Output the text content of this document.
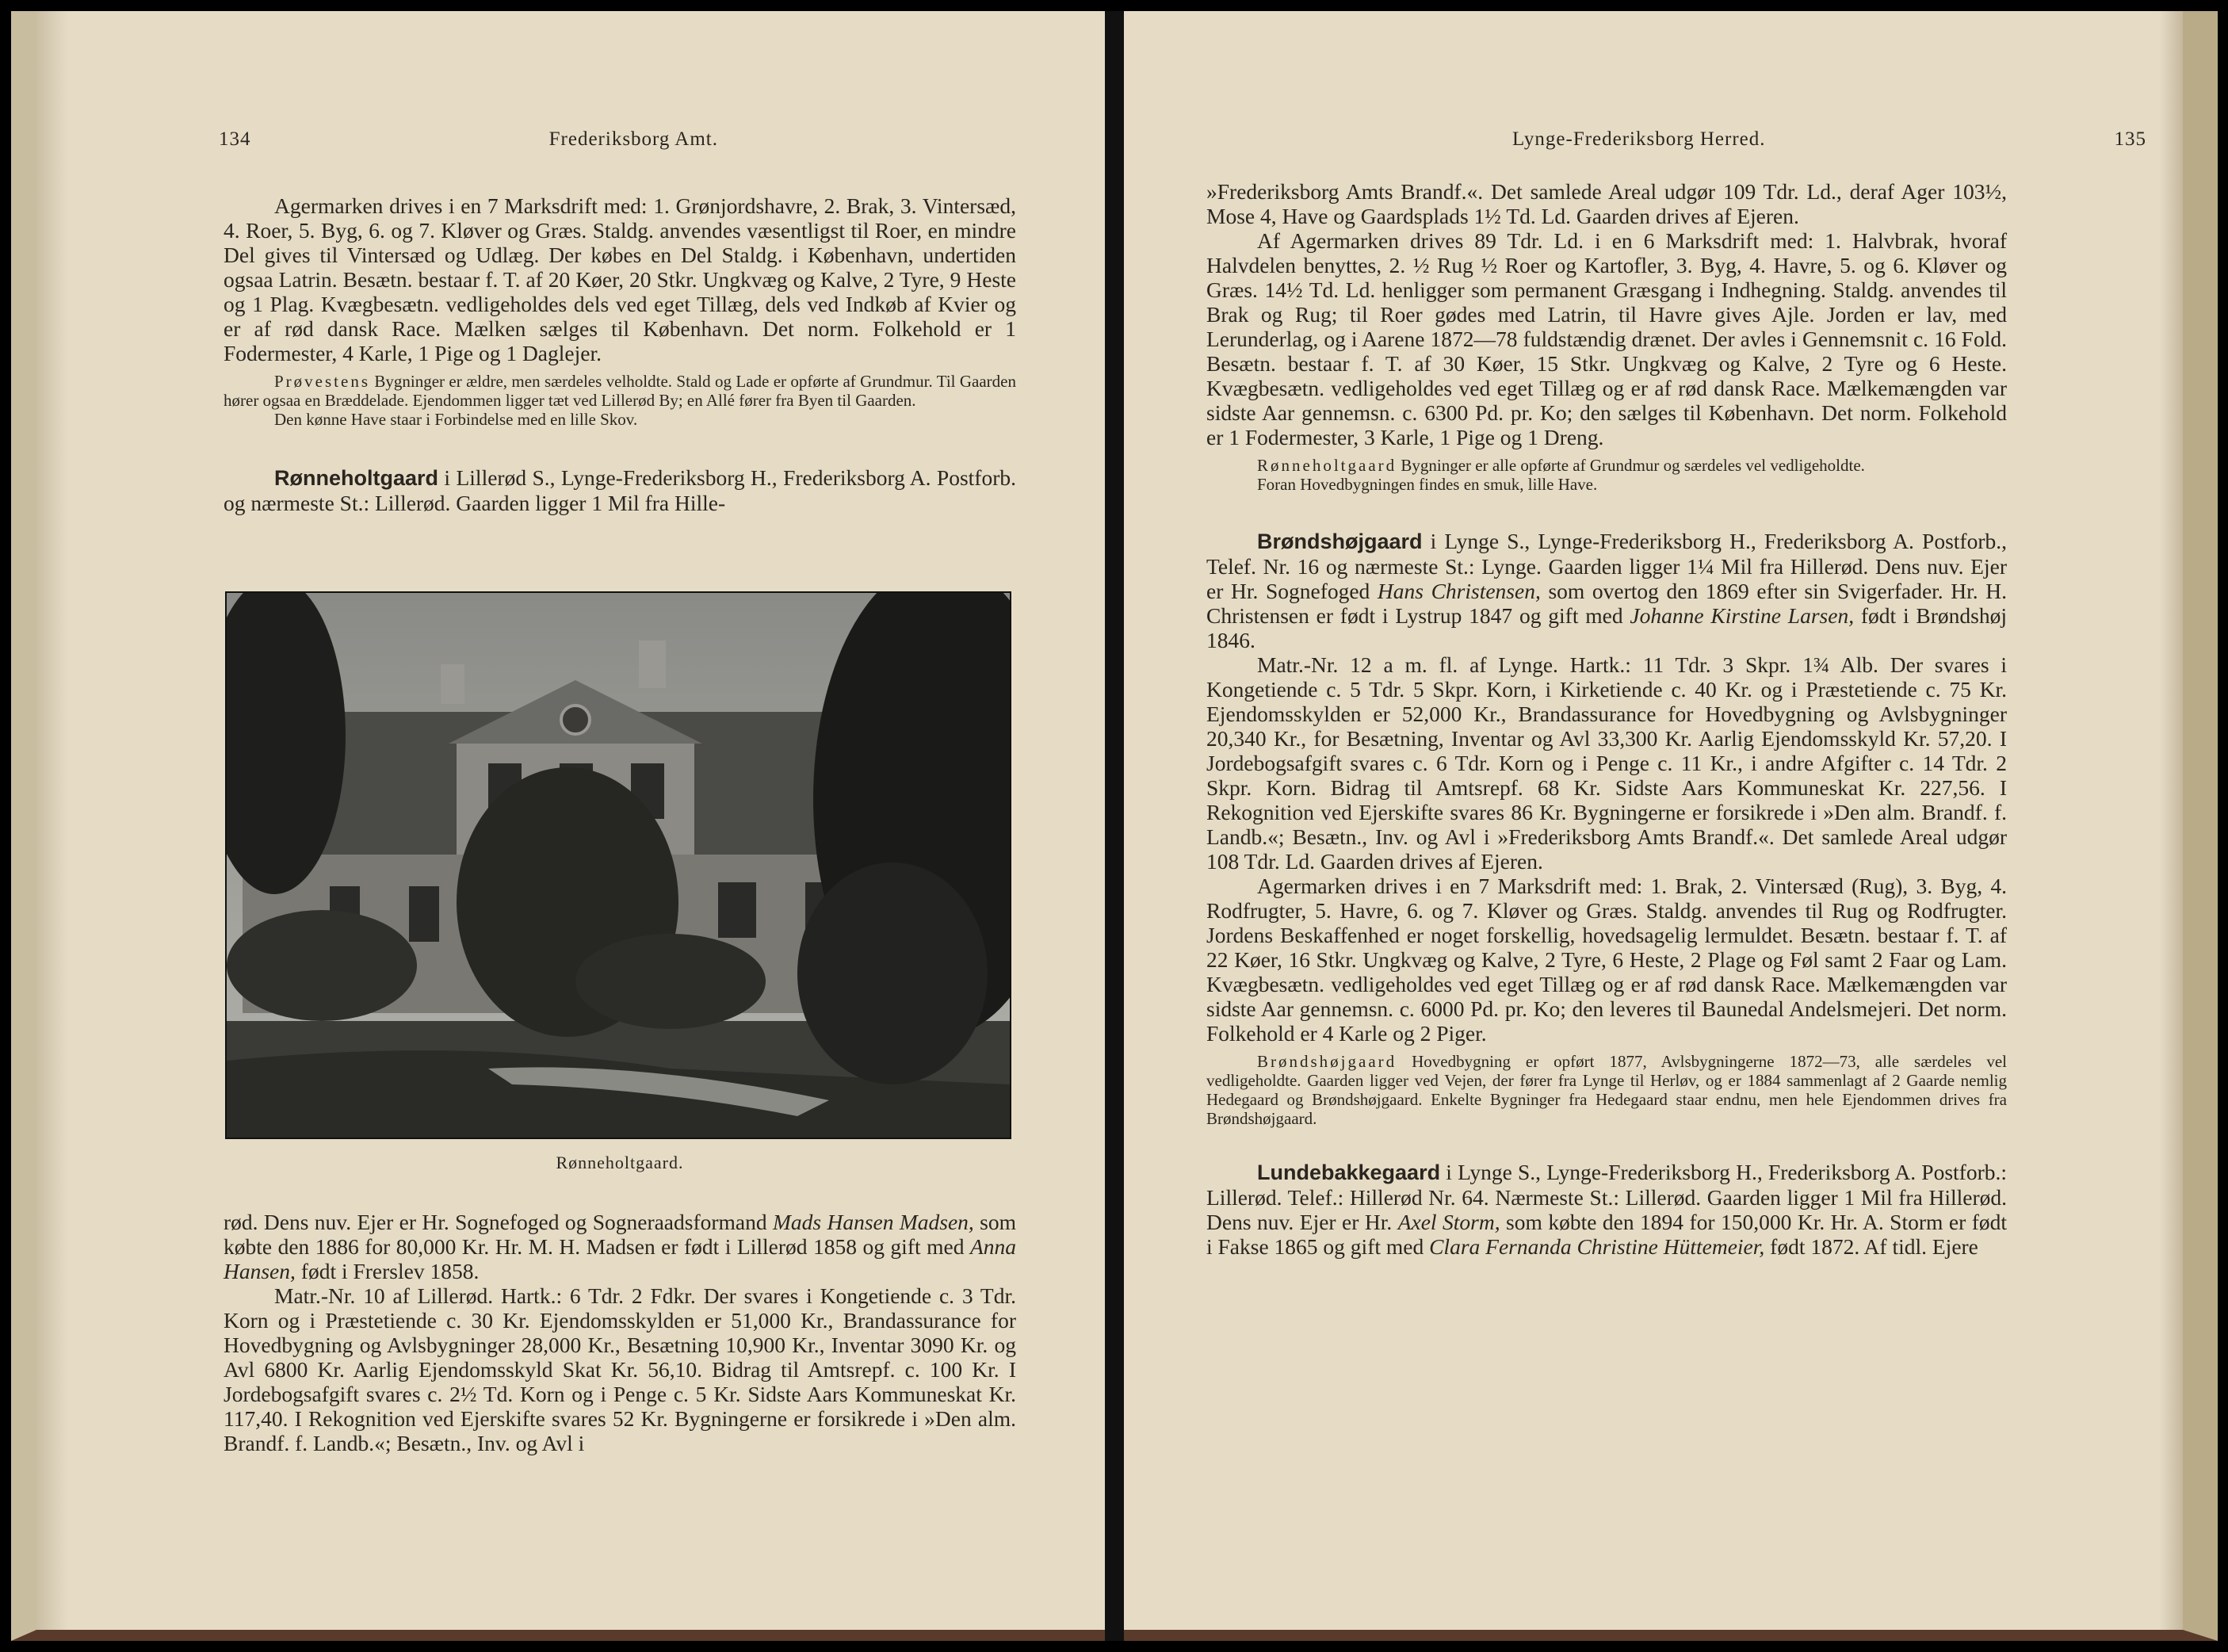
134	Frederiksborg Amt.

Agermarken drives i en 7 Marksdrift med: 1. Grønjordshavre, 2. Brak, 3. Vintersæd, 4. Roer, 5. Byg, 6. og 7. Kløver og Græs. Staldg. anvendes væsentligst til Roer, en mindre Del gives til Vintersæd og Udlæg. Der købes en Del Staldg. i København, undertiden ogsaa Latrin. Besætn. bestaar f. T. af 20 Køer, 20 Stkr. Ungkvæg og Kalve, 2 Tyre, 9 Heste og 1 Plag. Kvægbesætn. vedligeholdes dels ved eget Tillæg, dels ved Indkøb af Kvier og er af rød dansk Race. Mælken sælges til København. Det norm. Folkehold er 1 Fodermester, 4 Karle, 1 Pige og 1 Daglejer.

Prøvestens Bygninger er ældre, men særdeles velholdte. Stald og Lade er opførte af Grundmur. Til Gaarden hører ogsaa en Bræddelade. Ejendommen ligger tæt ved Lillerød By; en Allé fører fra Byen til Gaarden.

Den kønne Have staar i Forbindelse med en lille Skov.

Rønneholtgaard i Lillerød S., Lynge-Frederiksborg H., Frederiksborg A. Postforb. og nærmeste St.: Lillerød. Gaarden ligger 1 Mil fra Hille-

Rønneholtgaard.

rød. Dens nuv. Ejer er Hr. Sognefoged og Sogneraadsformand Mads Hansen Madsen, som købte den 1886 for 80,000 Kr. Hr. M. H. Madsen er født i Lillerød 1858 og gift med Anna Hansen, født i Frerslev 1858.

Matr.-Nr. 10 af Lillerød. Hartk.: 6 Tdr. 2 Fdkr. Der svares i Kongetiende c. 3 Tdr. Korn og i Præstetiende c. 30 Kr. Ejendomsskylden er 51,000 Kr., Brandassurance for Hovedbygning og Avlsbygninger 28,000 Kr., Besætning 10,900 Kr., Inventar 3090 Kr. og Avl 6800 Kr. Aarlig Ejendomsskyld Skat Kr. 56,10. Bidrag til Amtsrepf. c. 100 Kr. I Jordebogsafgift svares c. 2½ Td. Korn og i Penge c. 5 Kr. Sidste Aars Kommuneskat Kr. 117,40. I Rekognition ved Ejerskifte svares 52 Kr. Bygningerne er forsikrede i »Den alm. Brandf. f. Landb.«; Besætn., Inv. og Avl i

Lynge-Frederiksborg Herred.	135

»Frederiksborg Amts Brandf.«. Det samlede Areal udgør 109 Tdr. Ld., deraf Ager 103½, Mose 4, Have og Gaardsplads 1½ Td. Ld. Gaarden drives af Ejeren.

Af Agermarken drives 89 Tdr. Ld. i en 6 Marksdrift med: 1. Halvbrak, hvoraf Halvdelen benyttes, 2. ½ Rug ½ Roer og Kartofler, 3. Byg, 4. Havre, 5. og 6. Kløver og Græs. 14½ Td. Ld. henligger som permanent Græsgang i Indhegning. Staldg. anvendes til Brak og Rug; til Roer gødes med Latrin, til Havre gives Ajle. Jorden er lav, med Lerunderlag, og i Aarene 1872—78 fuldstændig drænet. Der avles i Gennemsnit c. 16 Fold. Besætn. bestaar f. T. af 30 Køer, 15 Stkr. Ungkvæg og Kalve, 2 Tyre og 6 Heste. Kvægbesætn. vedligeholdes ved eget Tillæg og er af rød dansk Race. Mælkemængden var sidste Aar gennemsn. c. 6300 Pd. pr. Ko; den sælges til København. Det norm. Folkehold er 1 Fodermester, 3 Karle, 1 Pige og 1 Dreng.

Rønneholtgaard Bygninger er alle opførte af Grundmur og særdeles vel vedligeholdte.

Foran Hovedbygningen findes en smuk, lille Have.

Brøndshøjgaard i Lynge S., Lynge-Frederiksborg H., Frederiksborg A. Postforb., Telef. Nr. 16 og nærmeste St.: Lynge. Gaarden ligger 1¼ Mil fra Hillerød. Dens nuv. Ejer er Hr. Sognefoged Hans Christensen, som overtog den 1869 efter sin Svigerfader. Hr. H. Christensen er født i Lystrup 1847 og gift med Johanne Kirstine Larsen, født i Brøndshøj 1846.

Matr.-Nr. 12 a m. fl. af Lynge. Hartk.: 11 Tdr. 3 Skpr. 1¾ Alb. Der svares i Kongetiende c. 5 Tdr. 5 Skpr. Korn, i Kirketiende c. 40 Kr. og i Præstetiende c. 75 Kr. Ejendomsskylden er 52,000 Kr., Brandassurance for Hovedbygning og Avlsbygninger 20,340 Kr., for Besætning, Inventar og Avl 33,300 Kr. Aarlig Ejendomsskyld Kr. 57,20. I Jordebogsafgift svares c. 6 Tdr. Korn og i Penge c. 11 Kr., i andre Afgifter c. 14 Tdr. 2 Skpr. Korn. Bidrag til Amtsrepf. 68 Kr. Sidste Aars Kommuneskat Kr. 227,56. I Rekognition ved Ejerskifte svares 86 Kr. Bygningerne er forsikrede i »Den alm. Brandf. f. Landb.«; Besætn., Inv. og Avl i »Frederiksborg Amts Brandf.«. Det samlede Areal udgør 108 Tdr. Ld. Gaarden drives af Ejeren.

Agermarken drives i en 7 Marksdrift med: 1. Brak, 2. Vintersæd (Rug), 3. Byg, 4. Rodfrugter, 5. Havre, 6. og 7. Kløver og Græs. Staldg. anvendes til Rug og Rodfrugter. Jordens Beskaffenhed er noget forskellig, hovedsagelig lermuldet. Besætn. bestaar f. T. af 22 Køer, 16 Stkr. Ungkvæg og Kalve, 2 Tyre, 6 Heste, 2 Plage og Føl samt 2 Faar og Lam. Kvægbesætn. vedligeholdes ved eget Tillæg og er af rød dansk Race. Mælkemængden var sidste Aar gennemsn. c. 6000 Pd. pr. Ko; den leveres til Baunedal Andelsmejeri. Det norm. Folkehold er 4 Karle og 2 Piger.

Brøndshøjgaard Hovedbygning er opført 1877, Avlsbygningerne 1872—73, alle særdeles vel vedligeholdte. Gaarden ligger ved Vejen, der fører fra Lynge til Herløv, og er 1884 sammenlagt af 2 Gaarde nemlig Hedegaard og Brøndshøjgaard. Enkelte Bygninger fra Hedegaard staar endnu, men hele Ejendommen drives fra Brøndshøjgaard.

Lundebakkegaard i Lynge S., Lynge-Frederiksborg H., Frederiksborg A. Postforb.: Lillerød. Telef.: Hillerød Nr. 64. Nærmeste St.: Lillerød. Gaarden ligger 1 Mil fra Hillerød. Dens nuv. Ejer er Hr. Axel Storm, som købte den 1894 for 150,000 Kr. Hr. A. Storm er født i Fakse 1865 og gift med Clara Fernanda Christine Hüttemeier, født 1872. Af tidl. Ejere
